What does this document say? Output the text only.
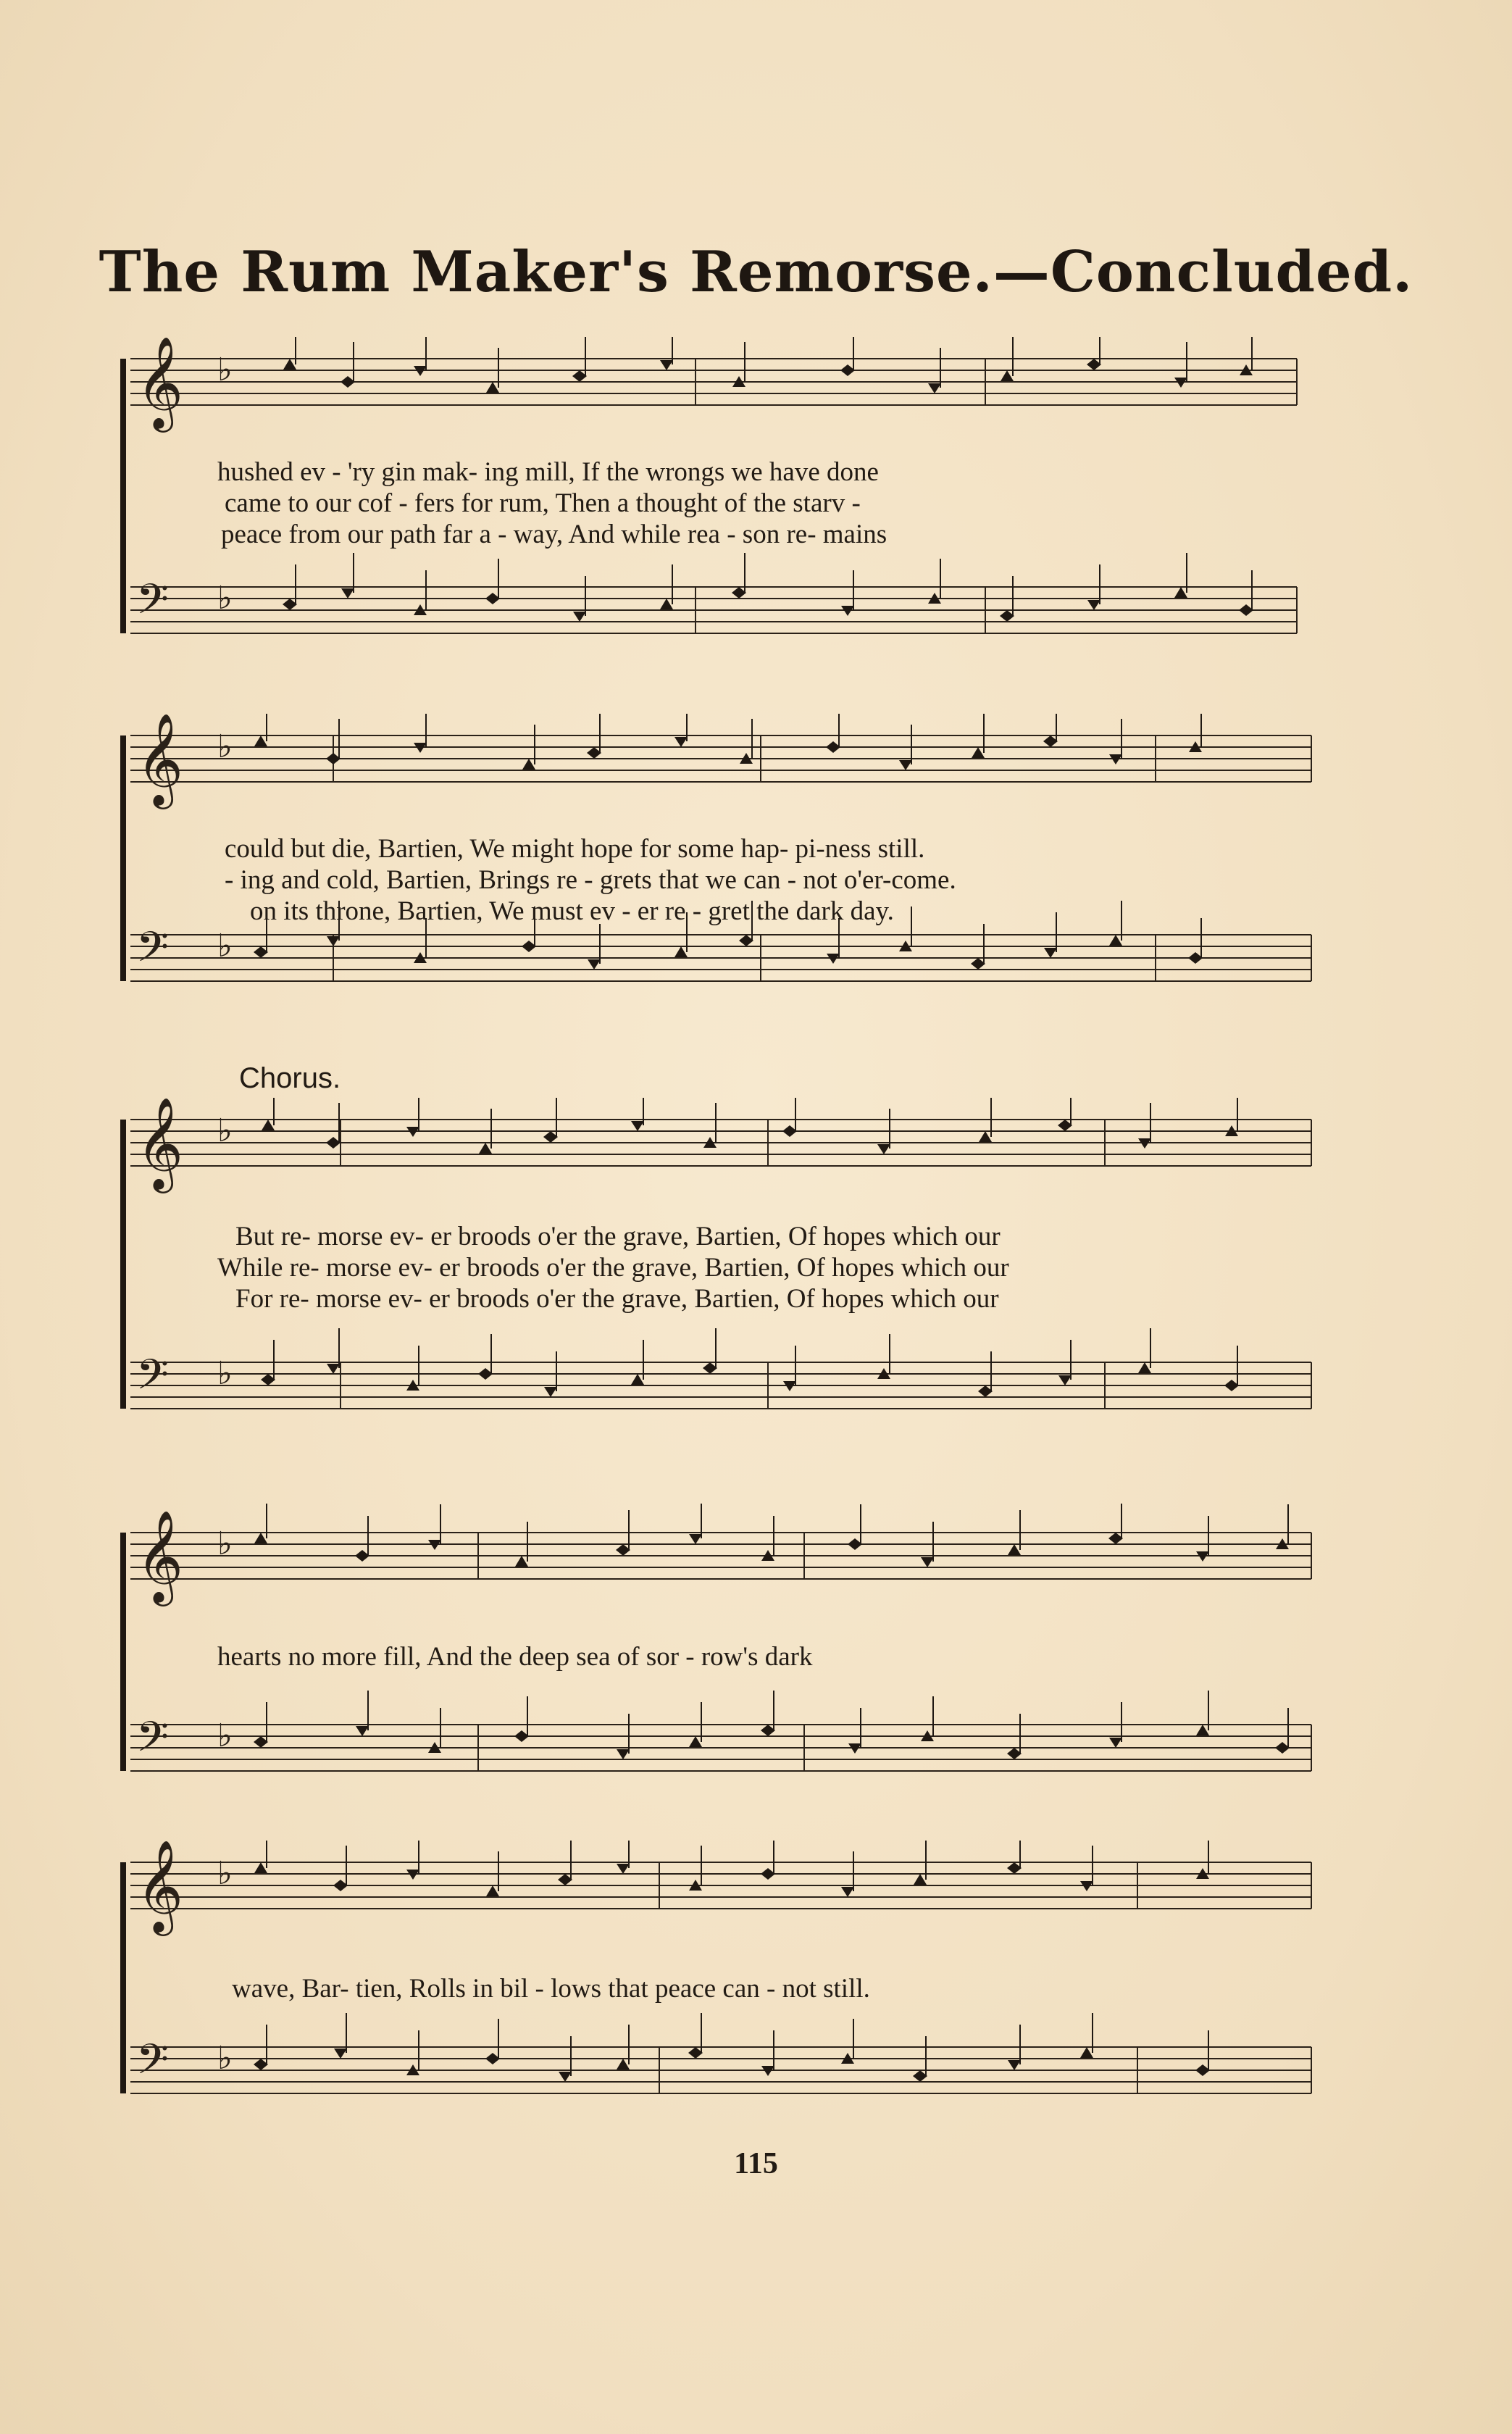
The Rum Maker's Remorse.—Concluded.
𝄞 ♭
𝄢 ♭
hushed ev - 'ry gin mak- ing mill, If the wrongs we have done
came to our cof - fers for rum, Then a thought of the starv -
peace from our path far a - way, And while rea - son re- mains
𝄞 ♭
𝄢 ♭
could but die, Bartien, We might hope for some hap- pi-ness still.
- ing and cold, Bartien, Brings re - grets that we can - not o'er-come.
on its throne, Bartien, We must ev - er re - gret the dark day.
Chorus.
𝄞 ♭
𝄢 ♭
But re- morse ev- er broods o'er the grave, Bartien, Of hopes which our
While re- morse ev- er broods o'er the grave, Bartien, Of hopes which our
For re- morse ev- er broods o'er the grave, Bartien, Of hopes which our
𝄞 ♭
𝄢 ♭
hearts no more fill, And the deep sea of sor - row's dark
𝄞 ♭
𝄢 ♭
wave, Bar- tien, Rolls in bil - lows that peace can - not still.
115
